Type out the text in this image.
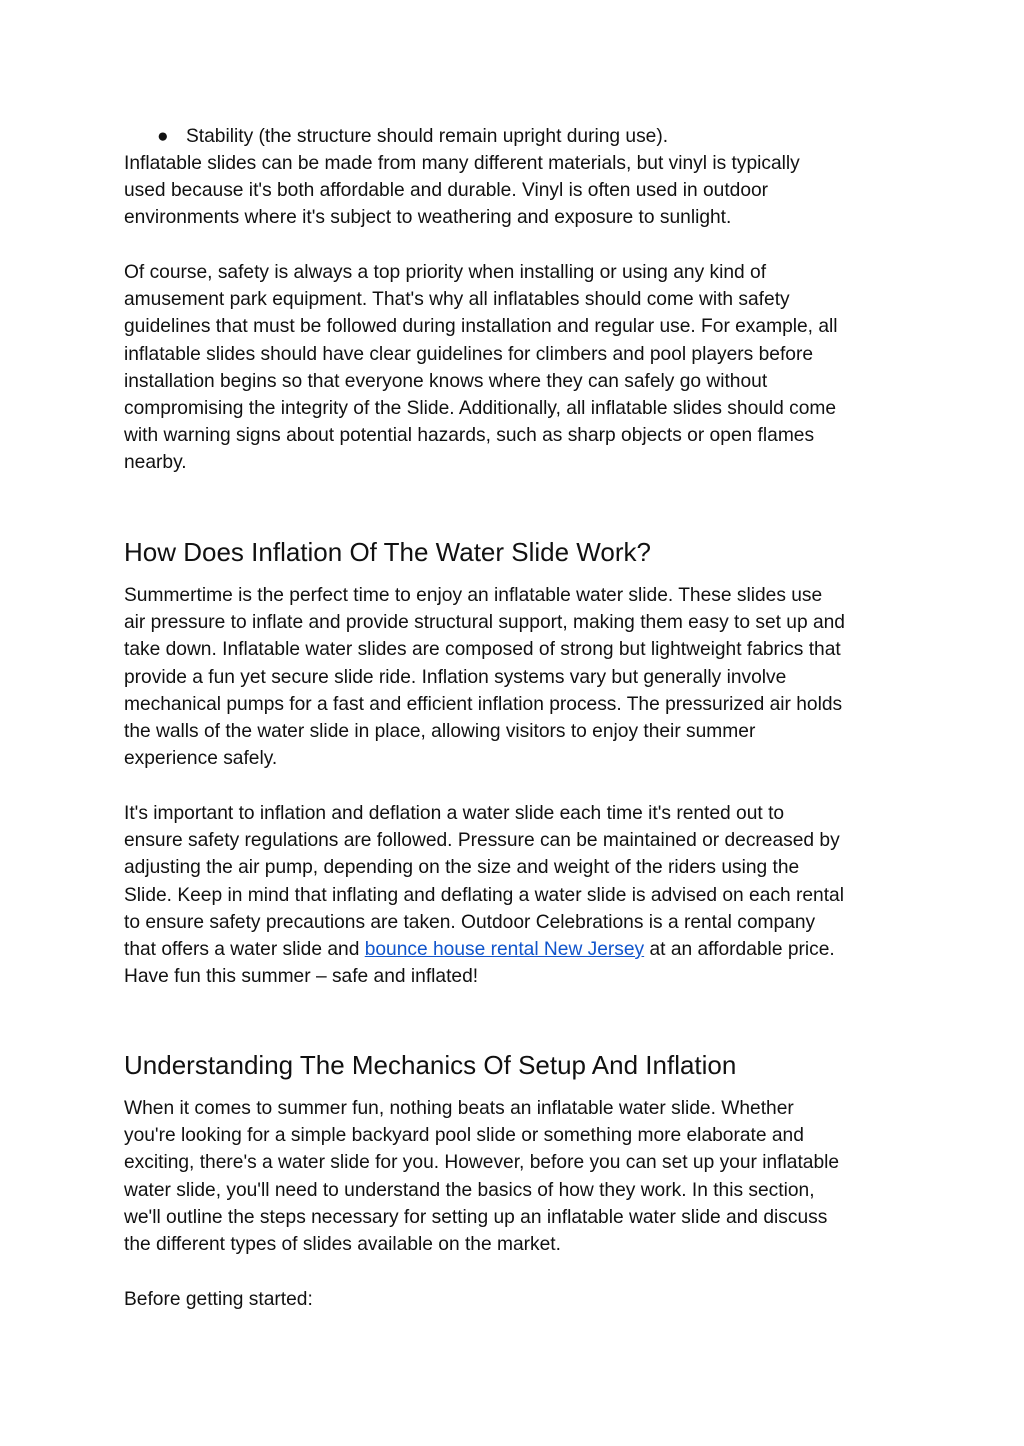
● Stability (the structure should remain upright during use).

Inflatable slides can be made from many different materials, but vinyl is typically
used because it's both affordable and durable. Vinyl is often used in outdoor
environments where it's subject to weathering and exposure to sunlight.

Of course, safety is always a top priority when installing or using any kind of
amusement park equipment. That's why all inflatables should come with safety
guidelines that must be followed during installation and regular use. For example, all
inflatable slides should have clear guidelines for climbers and pool players before
installation begins so that everyone knows where they can safely go without
compromising the integrity of the Slide. Additionally, all inflatable slides should come
with warning signs about potential hazards, such as sharp objects or open flames
nearby.

How Does Inflation Of The Water Slide Work?

Summertime is the perfect time to enjoy an inflatable water slide. These slides use
air pressure to inflate and provide structural support, making them easy to set up and
take down. Inflatable water slides are composed of strong but lightweight fabrics that
provide a fun yet secure slide ride. Inflation systems vary but generally involve
mechanical pumps for a fast and efficient inflation process. The pressurized air holds
the walls of the water slide in place, allowing visitors to enjoy their summer
experience safely.

It's important to inflation and deflation a water slide each time it's rented out to
ensure safety regulations are followed. Pressure can be maintained or decreased by
adjusting the air pump, depending on the size and weight of the riders using the
Slide. Keep in mind that inflating and deflating a water slide is advised on each rental
to ensure safety precautions are taken. Outdoor Celebrations is a rental company
that offers a water slide and bounce house rental New Jersey at an affordable price.
Have fun this summer – safe and inflated!

Understanding The Mechanics Of Setup And Inflation

When it comes to summer fun, nothing beats an inflatable water slide. Whether
you're looking for a simple backyard pool slide or something more elaborate and
exciting, there's a water slide for you. However, before you can set up your inflatable
water slide, you'll need to understand the basics of how they work. In this section,
we'll outline the steps necessary for setting up an inflatable water slide and discuss
the different types of slides available on the market.

Before getting started:
